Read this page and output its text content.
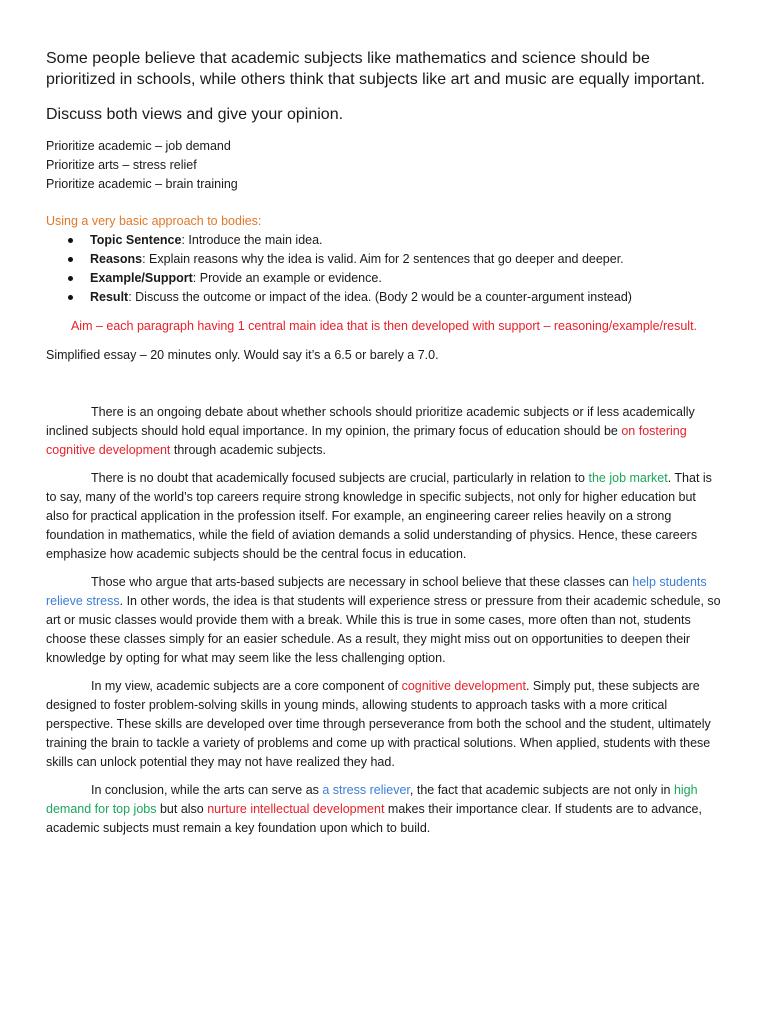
Some people believe that academic subjects like mathematics and science should be prioritized in schools, while others think that subjects like art and music are equally important.

Discuss both views and give your opinion.

Prioritize academic – job demand
Prioritize arts – stress relief
Prioritize academic – brain training
Using a very basic approach to bodies:
Topic Sentence: Introduce the main idea.
Reasons: Explain reasons why the idea is valid. Aim for 2 sentences that go deeper and deeper.
Example/Support: Provide an example or evidence.
Result: Discuss the outcome or impact of the idea. (Body 2 would be a counter-argument instead)
Aim – each paragraph having 1 central main idea that is then developed with support – reasoning/example/result.
Simplified essay – 20 minutes only. Would say it’s a 6.5 or barely a 7.0.

There is an ongoing debate about whether schools should prioritize academic subjects or if less academically inclined subjects should hold equal importance. In my opinion, the primary focus of education should be on fostering cognitive development through academic subjects.

There is no doubt that academically focused subjects are crucial, particularly in relation to the job market. That is to say, many of the world’s top careers require strong knowledge in specific subjects, not only for higher education but also for practical application in the profession itself. For example, an engineering career relies heavily on a strong foundation in mathematics, while the field of aviation demands a solid understanding of physics. Hence, these careers emphasize how academic subjects should be the central focus in education.

Those who argue that arts-based subjects are necessary in school believe that these classes can help students relieve stress. In other words, the idea is that students will experience stress or pressure from their academic schedule, so art or music classes would provide them with a break. While this is true in some cases, more often than not, students choose these classes simply for an easier schedule. As a result, they might miss out on opportunities to deepen their knowledge by opting for what may seem like the less challenging option.

In my view, academic subjects are a core component of cognitive development. Simply put, these subjects are designed to foster problem-solving skills in young minds, allowing students to approach tasks with a more critical perspective. These skills are developed over time through perseverance from both the school and the student, ultimately training the brain to tackle a variety of problems and come up with practical solutions. When applied, students with these skills can unlock potential they may not have realized they had.

In conclusion, while the arts can serve as a stress reliever, the fact that academic subjects are not only in high demand for top jobs but also nurture intellectual development makes their importance clear. If students are to advance, academic subjects must remain a key foundation upon which to build.
